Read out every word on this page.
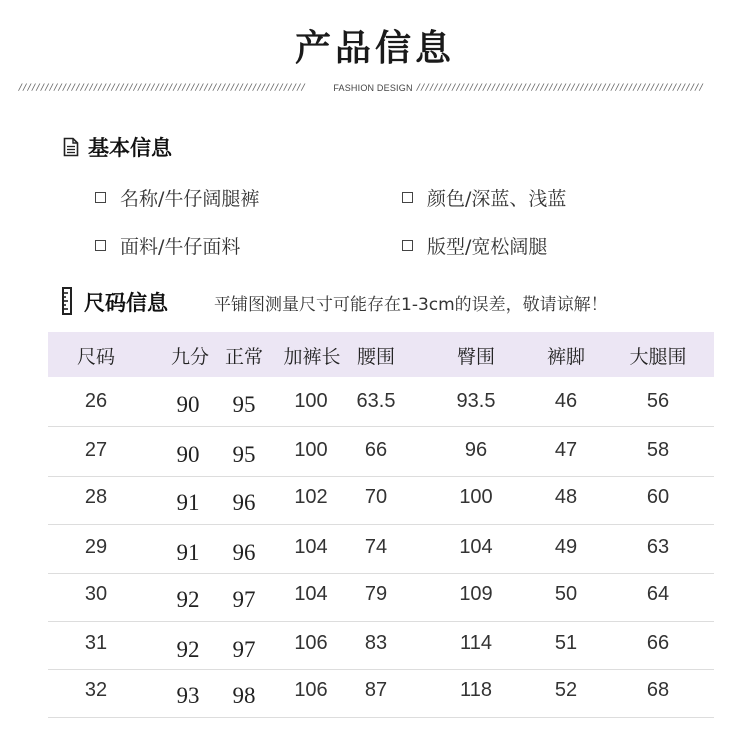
产品信息
/////////////////////////////////////////////////////////////////	FASHION DESIGN /////////////////////////////////////////////////////////////////
基本信息
名称/牛仔阔腿裤	颜色/深蓝、浅蓝
面料/牛仔面料	版型/宽松阔腿
尺码信息	平铺图测量尺寸可能存在1-3cm的误差，敬请谅解！
尺码	九分 正常 加裤长 腰围	臀围	裤脚 大腿围
26	90 95 100 63.5	93.5	46	56
27	90 95 100 66	96	47	58
28	91 96 102 70	100	48	60
29	91 96 104 74	104	49	63
30	92 97 104 79	109	50	64
31	92 97 106 83	114	51	66
32	93 98 106 87	118	52	68
